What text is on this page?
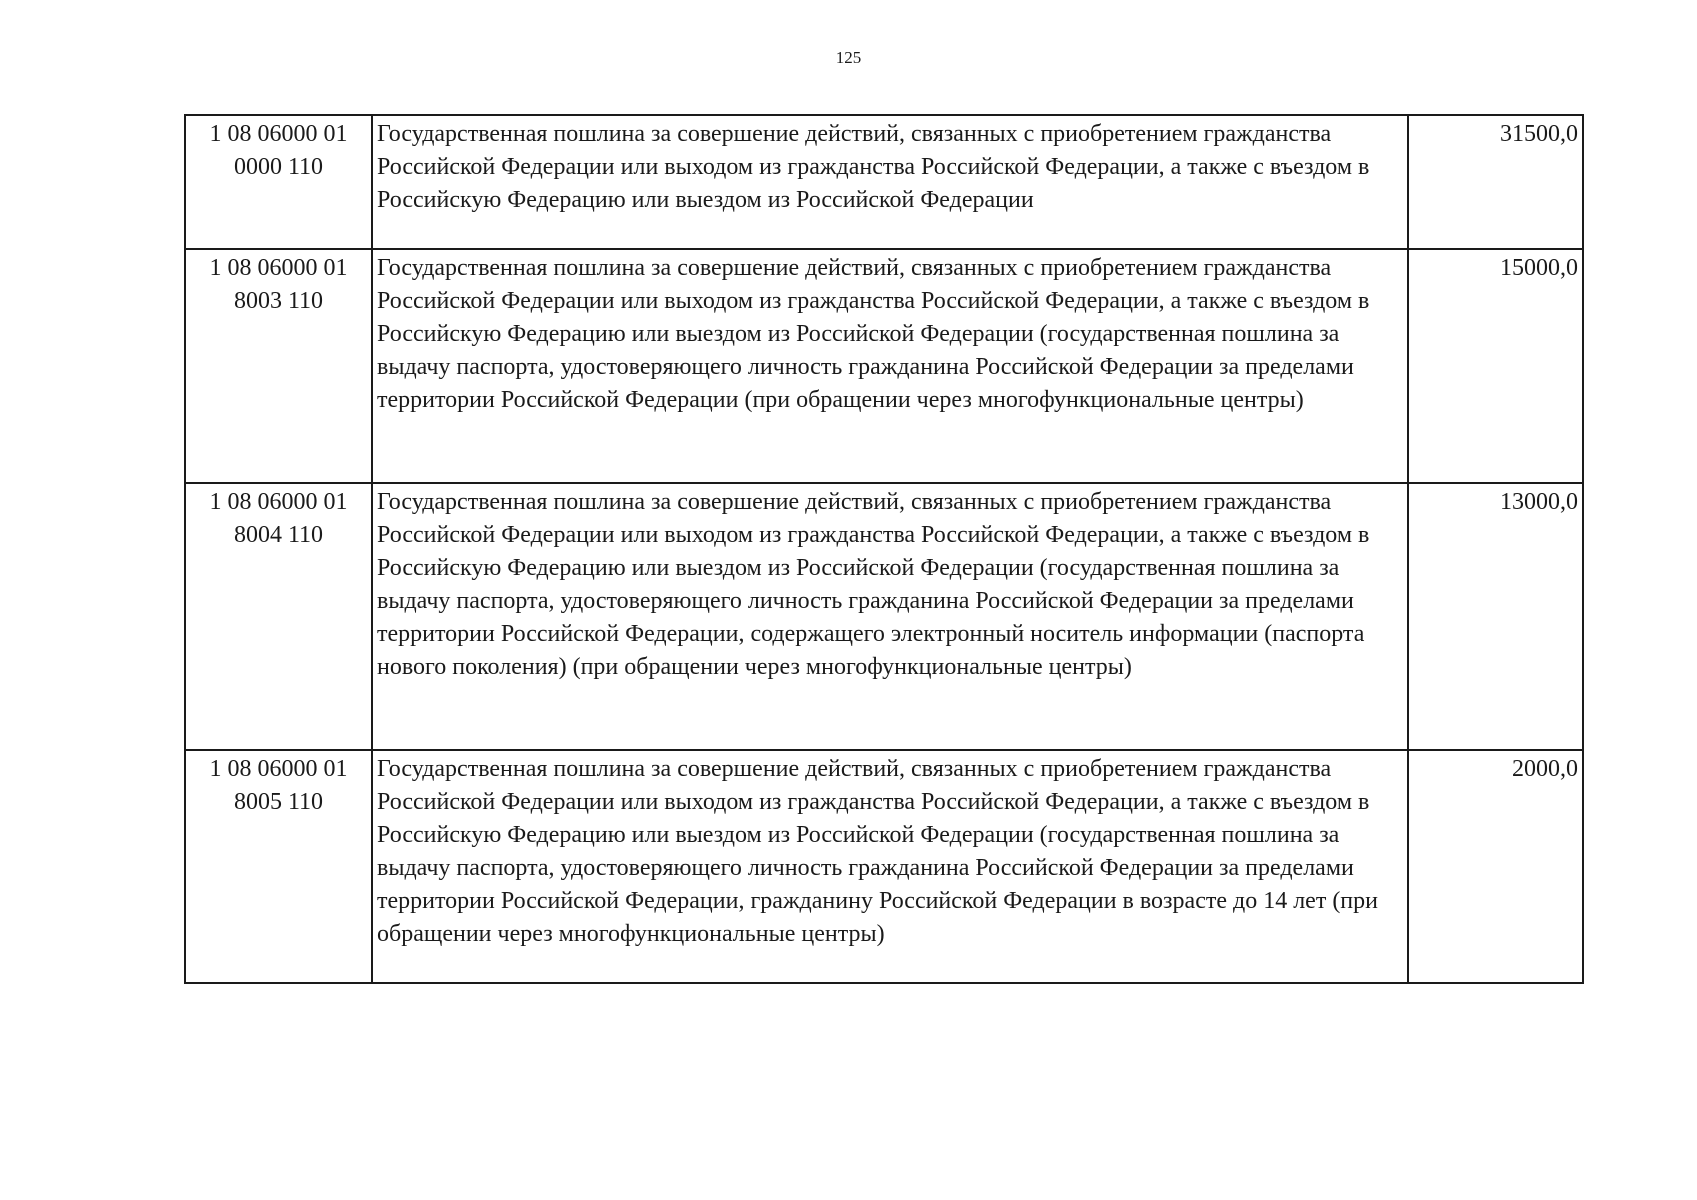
125
1 08 06000 01 0000 110	Государственная пошлина за совершение действий, связанных с приобретением гражданства Российской Федерации или выходом из гражданства Российской Федерации, а также с въездом в Российскую Федерацию или выездом из Российской Федерации	31500,0
1 08 06000 01 8003 110	Государственная пошлина за совершение действий, связанных с приобретением гражданства Российской Федерации или выходом из гражданства Российской Федерации, а также с въездом в Российскую Федерацию или выездом из Российской Федерации (государственная пошлина за выдачу паспорта, удостоверяющего личность гражданина Российской Федерации за пределами территории Российской Федерации (при обращении через многофункциональные центры)	15000,0
1 08 06000 01 8004 110	Государственная пошлина за совершение действий, связанных с приобретением гражданства Российской Федерации или выходом из гражданства Российской Федерации, а также с въездом в Российскую Федерацию или выездом из Российской Федерации (государственная пошлина за выдачу паспорта, удостоверяющего личность гражданина Российской Федерации за пределами территории Российской Федерации, содержащего электронный носитель информации (паспорта нового поколения) (при обращении через многофункциональные центры)	13000,0
1 08 06000 01 8005 110	Государственная пошлина за совершение действий, связанных с приобретением гражданства Российской Федерации или выходом из гражданства Российской Федерации, а также с въездом в Российскую Федерацию или выездом из Российской Федерации (государственная пошлина за выдачу паспорта, удостоверяющего личность гражданина Российской Федерации за пределами территории Российской Федерации, гражданину Российской Федерации в возрасте до 14 лет (при обращении через многофункциональные центры)	2000,0
